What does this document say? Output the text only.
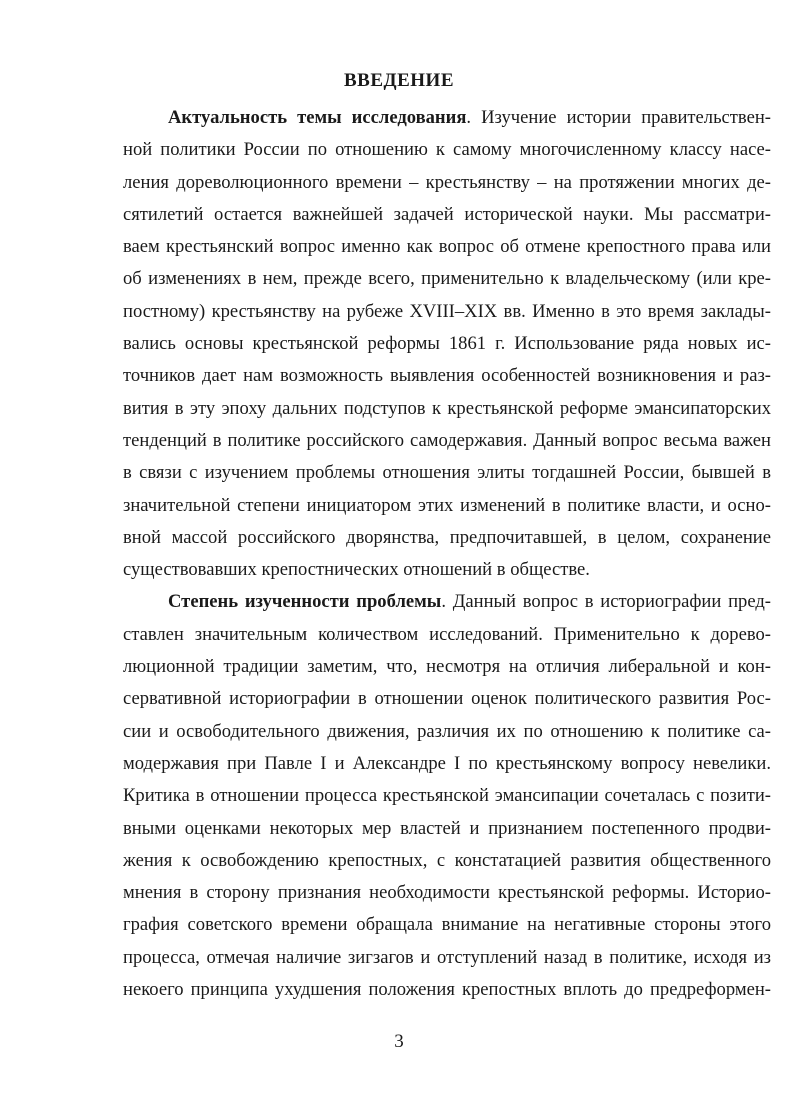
ВВЕДЕНИЕ
Актуальность темы исследования. Изучение истории правительствен-
ной политики России по отношению к самому многочисленному классу насе-
ления дореволюционного времени – крестьянству – на протяжении многих де-
сятилетий остается важнейшей задачей исторической науки. Мы рассматри-
ваем крестьянский вопрос именно как вопрос об отмене крепостного права или
об изменениях в нем, прежде всего, применительно к владельческому (или кре-
постному) крестьянству на рубеже XVIII–XIX вв. Именно в это время заклады-
вались основы крестьянской реформы 1861 г. Использование ряда новых ис-
точников дает нам возможность выявления особенностей возникновения и раз-
вития в эту эпоху дальних подступов к крестьянской реформе эмансипаторских
тенденций в политике российского самодержавия. Данный вопрос весьма важен
в связи с изучением проблемы отношения элиты тогдашней России, бывшей в
значительной степени инициатором этих изменений в политике власти, и осно-
вной массой российского дворянства, предпочитавшей, в целом, сохранение
существовавших крепостнических отношений в обществе.
Степень изученности проблемы. Данный вопрос в историографии пред-
ставлен значительным количеством исследований. Применительно к дорево-
люционной традиции заметим, что, несмотря на отличия либеральной и кон-
сервативной историографии в отношении оценок политического развития Рос-
сии и освободительного движения, различия их по отношению к политике са-
модержавия при Павле I и Александре I по крестьянскому вопросу невелики.
Критика в отношении процесса крестьянской эмансипации сочеталась с позити-
вными оценками некоторых мер властей и признанием постепенного продви-
жения к освобождению крепостных, с констатацией развития общественного
мнения в сторону признания необходимости крестьянской реформы. Историо-
графия советского времени обращала внимание на негативные стороны этого
процесса, отмечая наличие зигзагов и отступлений назад в политике, исходя из
некоего принципа ухудшения положения крепостных вплоть до предреформен-
3
